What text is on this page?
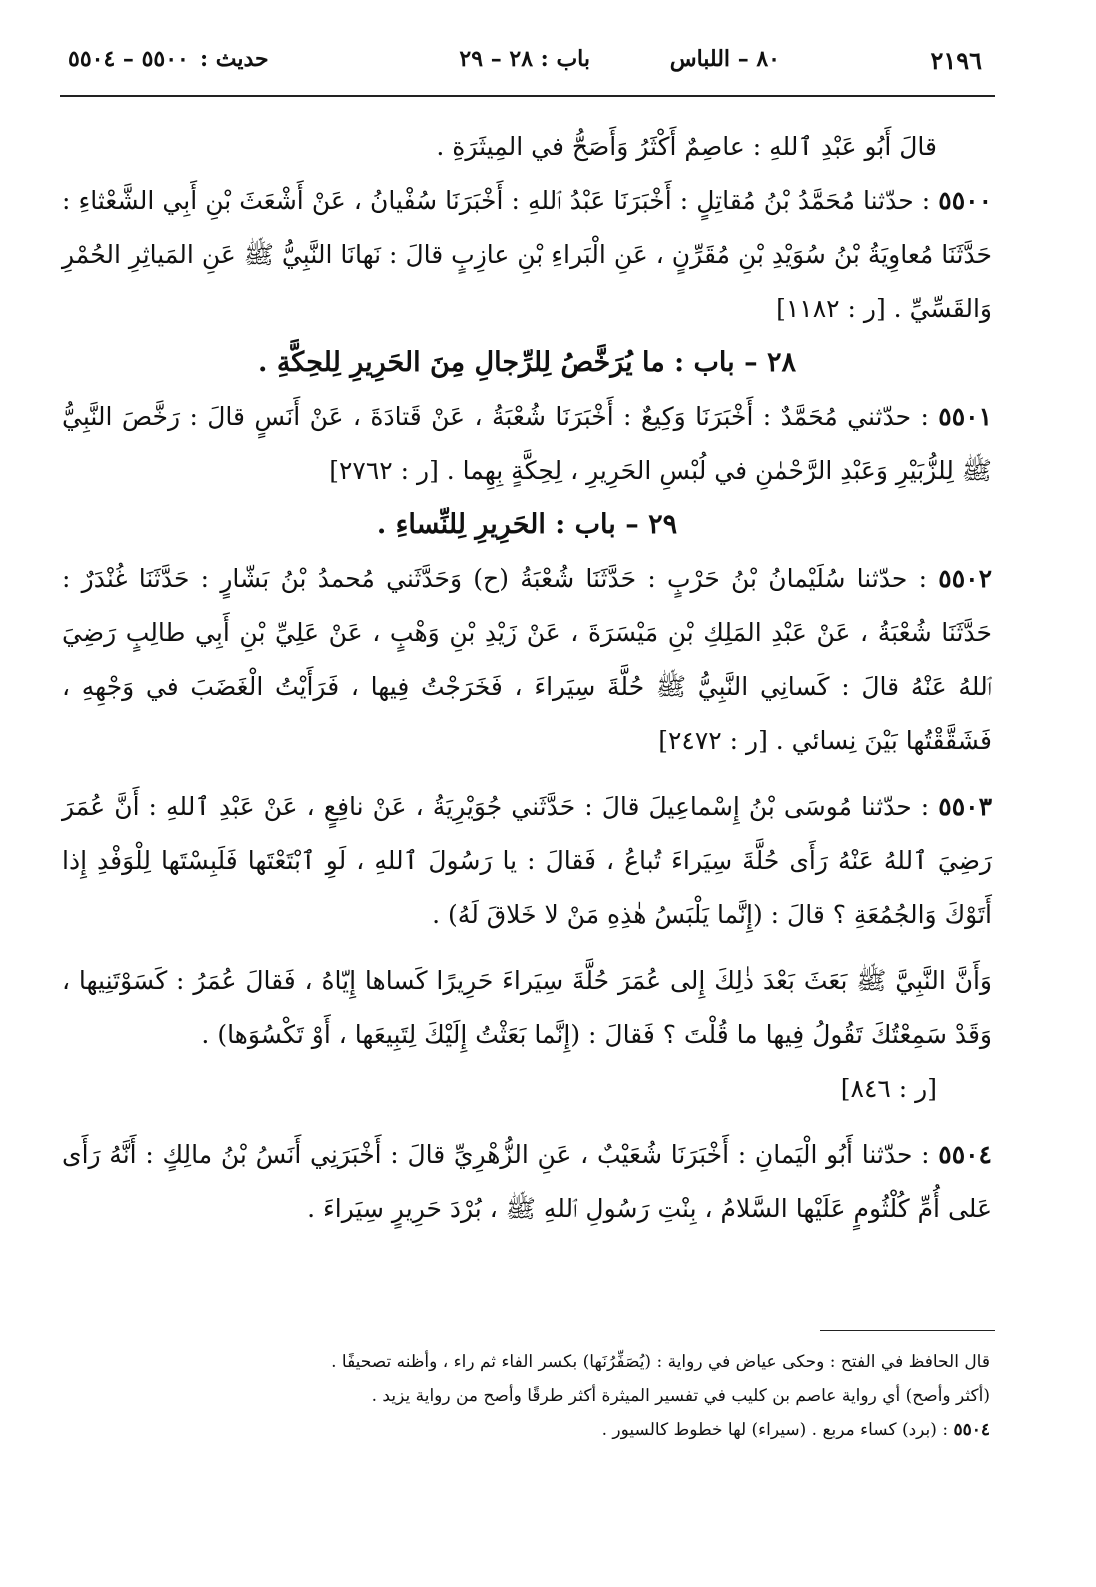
٢١٩٦
٨٠ – اللباس
باب : ٢٨ – ٢٩
حديث :
٥٥٠٠ – ٥٥٠٤

قالَ أَبُو عَبْدِ ٱللهِ : عاصِمٌ أَكْثَرُ وَأَصَحُّ في المِيثَرَةِ .

٥٥٠٠ : حدّثنا مُحَمَّدُ بْنُ مُقاتِلٍ : أَخْبَرَنَا عَبْدُ ٱللهِ : أَخْبَرَنَا سُفْيانُ ، عَنْ أَشْعَثَ بْنِ أَبِي الشَّعْثاءِ : حَدَّثَنَا مُعاوِيَةُ بْنُ سُوَيْدِ بْنِ مُقَرِّنٍ ، عَنِ الْبَراءِ بْنِ عازِبٍ قالَ : نَهانَا النَّبِيُّ ﷺ عَنِ المَياثِرِ الحُمْرِ وَالقَسِّيِّ . [ر : ١١٨٢]

٢٨ – باب : ما يُرَخَّصُ لِلرِّجالِ مِنَ الحَرِيرِ لِلحِكَّةِ .

٥٥٠١ : حدّثني مُحَمَّدٌ : أَخْبَرَنَا وَكِيعٌ : أَخْبَرَنَا شُعْبَةُ ، عَنْ قَتادَةَ ، عَنْ أَنَسٍ قالَ : رَخَّصَ النَّبِيُّ ﷺ لِلزُّبَيْرِ وَعَبْدِ الرَّحْمٰنِ في لُبْسِ الحَرِيرِ ، لِحِكَّةٍ بِهِما . [ر : ٢٧٦٢]

٢٩ – باب : الحَرِيرِ لِلنِّساءِ .

٥٥٠٢ : حدّثنا سُلَيْمانُ بْنُ حَرْبٍ : حَدَّثَنَا شُعْبَةُ (ح) وَحَدَّثَني مُحمدُ بْنُ بَشّارٍ : حَدَّثَنَا غُنْدَرٌ : حَدَّثَنَا شُعْبَةُ ، عَنْ عَبْدِ المَلِكِ بْنِ مَيْسَرَةَ ، عَنْ زَيْدِ بْنِ وَهْبٍ ، عَنْ عَلِيِّ بْنِ أَبِي طالِبٍ رَضِيَ ٱللهُ عَنْهُ قالَ : كَسانِي النَّبِيُّ ﷺ حُلَّةَ سِيَراءَ ، فَخَرَجْتُ فِيها ، فَرَأَيْتُ الْغَضَبَ في وَجْهِهِ ، فَشَقَّقْتُها بَيْنَ نِسائي . [ر : ٢٤٧٢]

٥٥٠٣ : حدّثنا مُوسَى بْنُ إِسْماعِيلَ قالَ : حَدَّثَني جُوَيْرِيَةُ ، عَنْ نافِعٍ ، عَنْ عَبْدِ ٱللهِ : أَنَّ عُمَرَ رَضِيَ ٱللهُ عَنْهُ رَأَى حُلَّةَ سِيَراءَ تُباعُ ، فَقالَ : يا رَسُولَ ٱللهِ ، لَوِ ٱبْتَعْتَها فَلَبِسْتَها لِلْوَفْدِ إِذا أَتَوْكَ وَالجُمُعَةِ ؟ قالَ : (إِنَّما يَلْبَسُ هٰذِهِ مَنْ لا خَلاقَ لَهُ) .

وَأَنَّ النَّبِيَّ ﷺ بَعَثَ بَعْدَ ذٰلِكَ إِلى عُمَرَ حُلَّةَ سِيَراءَ حَرِيرًا كَساها إِيّاهُ ، فَقالَ عُمَرُ : كَسَوْتَنِيها ، وَقَدْ سَمِعْتُكَ تَقُولُ فِيها ما قُلْتَ ؟ فَقالَ : (إِنَّما بَعَثْتُ إِلَيْكَ لِتَبِيعَها ، أَوْ تَكْسُوَها) .

[ر : ٨٤٦]

٥٥٠٤ : حدّثنا أَبُو الْيَمانِ : أَخْبَرَنَا شُعَيْبٌ ، عَنِ الزُّهْرِيِّ قالَ : أَخْبَرَنِي أَنَسُ بْنُ مالِكٍ : أَنَّهُ رَأَى عَلى أُمِّ كُلْثُومٍ عَلَيْها السَّلامُ ، بِنْتِ رَسُولِ ٱللهِ ﷺ ، بُرْدَ حَرِيرٍ سِيَراءَ .

قال الحافظ في الفتح : وحكى عياض في رواية : (يُصَفِّرُنَها) بكسر الفاء ثم راء ، وأظنه تصحيفًا .

(أكثر وأصح) أي رواية عاصم بن كليب في تفسير الميثرة أكثر طرقًا وأصح من رواية يزيد .

٥٥٠٤ : (برد) كساء مربع . (سيراء) لها خطوط كالسيور .
